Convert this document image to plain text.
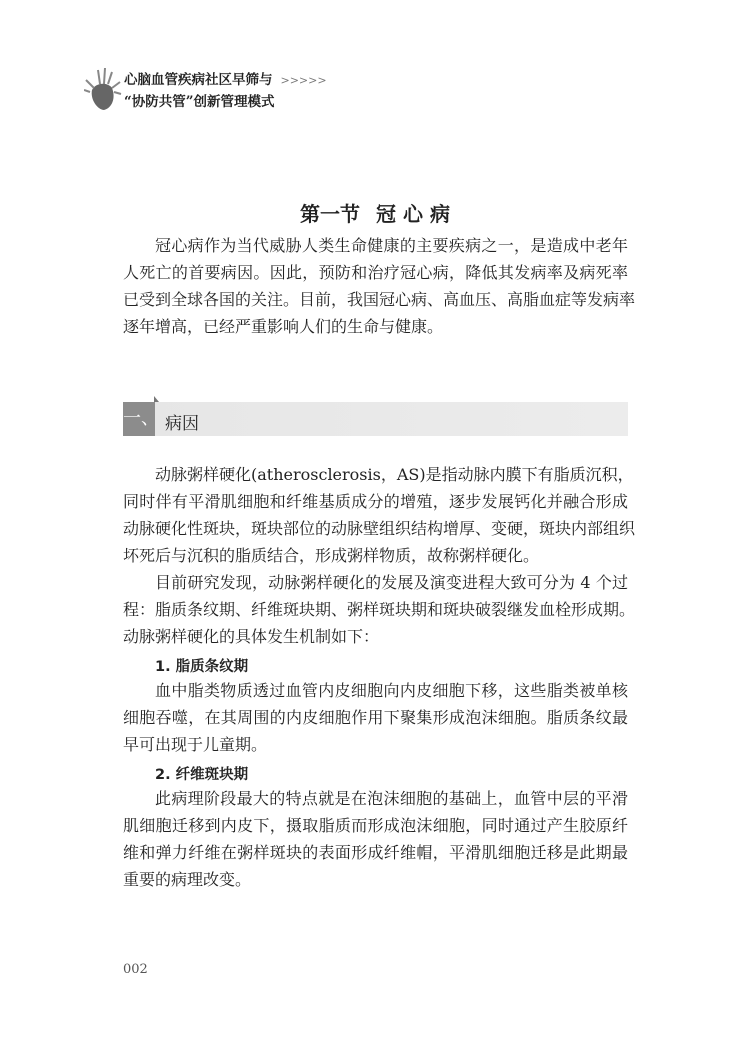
心脑血管疾病社区早筛与 >>>>>
“协防共管”创新管理模式
第一节 冠 心 病
冠心病作为当代威胁人类生命健康的主要疾病之一，是造成中老年
人死亡的首要病因。因此，预防和治疗冠心病，降低其发病率及病死率
已受到全球各国的关注。目前，我国冠心病、高血压、高脂血症等发病率
逐年增高，已经严重影响人们的生命与健康。
一、 病因
动脉粥样硬化(atherosclerosis，AS)是指动脉内膜下有脂质沉积，
同时伴有平滑肌细胞和纤维基质成分的增殖，逐步发展钙化并融合形成
动脉硬化性斑块，斑块部位的动脉壁组织结构增厚、变硬，斑块内部组织
坏死后与沉积的脂质结合，形成粥样物质，故称粥样硬化。
目前研究发现，动脉粥样硬化的发展及演变进程大致可分为 4 个过
程：脂质条纹期、纤维斑块期、粥样斑块期和斑块破裂继发血栓形成期。
动脉粥样硬化的具体发生机制如下：
1. 脂质条纹期
血中脂类物质透过血管内皮细胞向内皮细胞下移，这些脂类被单核
细胞吞噬，在其周围的内皮细胞作用下聚集形成泡沫细胞。脂质条纹最
早可出现于儿童期。
2. 纤维斑块期
此病理阶段最大的特点就是在泡沫细胞的基础上，血管中层的平滑
肌细胞迁移到内皮下，摄取脂质而形成泡沫细胞，同时通过产生胶原纤
维和弹力纤维在粥样斑块的表面形成纤维帽，平滑肌细胞迁移是此期最
重要的病理改变。
002
